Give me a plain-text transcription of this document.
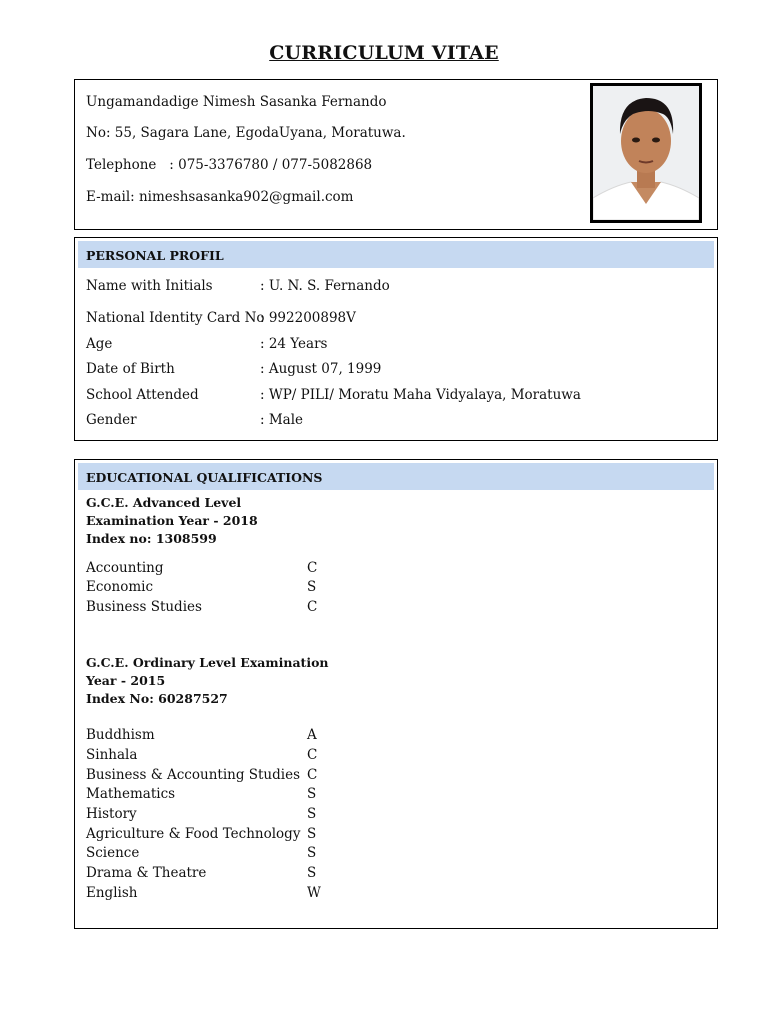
CURRICULUM VITAE
Ungamandadige Nimesh Sasanka Fernando
No: 55, Sagara Lane, EgodaUyana, Moratuwa.
Telephone   : 075-3376780 / 077-5082868
E-mail: nimeshsasanka902@gmail.com
PERSONAL PROFIL
Name with Initials	: U. N. S. Fernando
National Identity Card No: 992200898V
Age	: 24 Years
Date of Birth	: August 07, 1999
School Attended	: WP/ PILI/ Moratu Maha Vidyalaya, Moratuwa
Gender	: Male
EDUCATIONAL QUALIFICATIONS
G.C.E. Advanced Level
Examination Year - 2018
Index no: 1308599
Accounting	C
Economic	S
Business Studies	C
G.C.E. Ordinary Level Examination
Year - 2015
Index No: 60287527
Buddhism	A
Sinhala	C
Business & Accounting Studies C
Mathematics	S
History	S
Agriculture & Food Technology S
Science	S
Drama & Theatre	S
English	W
